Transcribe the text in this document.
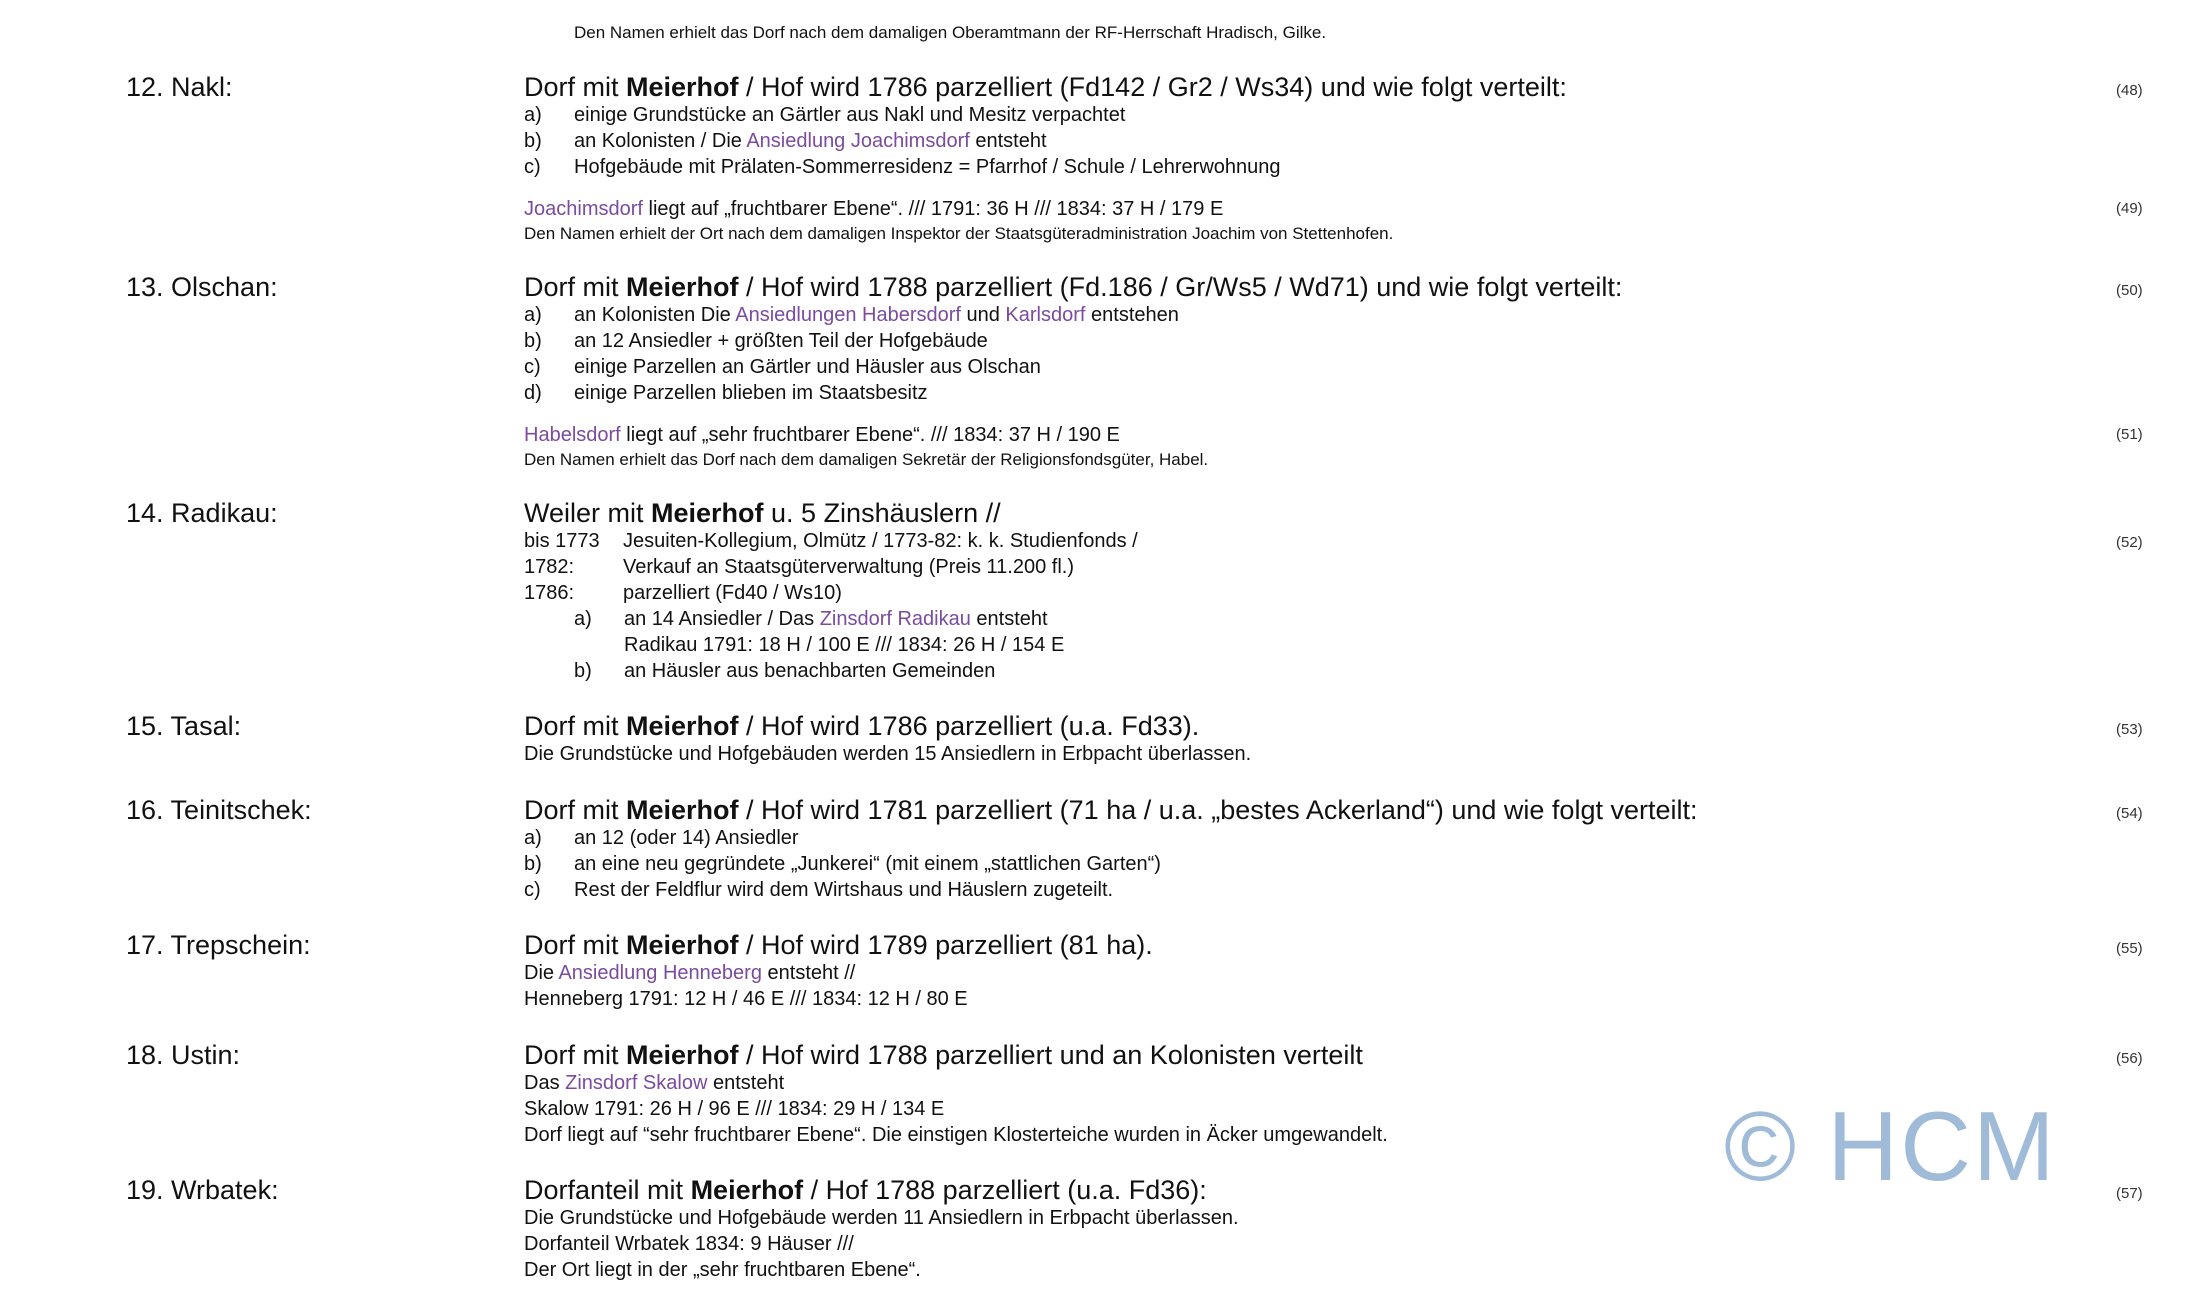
Den Namen erhielt das Dorf nach dem damaligen Oberamtmann der RF-Herrschaft Hradisch, Gilke.
12. Nakl:	(48)
Dorf mit Meierhof / Hof wird 1786 parzelliert (Fd142 / Gr2 / Ws34) und wie folgt verteilt:
a) einige Grundstücke an Gärtler aus Nakl und Mesitz verpachtet
b) an Kolonisten / Die Ansiedlung Joachimsdorf entsteht
c) Hofgebäude mit Prälaten-Sommerresidenz = Pfarrhof / Schule / Lehrerwohnung
Joachimsdorf liegt auf „fruchtbarer Ebene“. /// 1791: 36 H /// 1834: 37 H / 179 E
Den Namen erhielt der Ort nach dem damaligen Inspektor der Staatsgüteradministration Joachim von Stettenhofen.
(49)
13. Olschan:	(50)
Dorf mit Meierhof / Hof wird 1788 parzelliert (Fd.186 / Gr/Ws5 / Wd71) und wie folgt verteilt:
a) an Kolonisten Die Ansiedlungen Habersdorf und Karlsdorf entstehen
b) an 12 Ansiedler + größten Teil der Hofgebäude
c) einige Parzellen an Gärtler und Häusler aus Olschan
d) einige Parzellen blieben im Staatsbesitz
Habelsdorf liegt auf „sehr fruchtbarer Ebene“. /// 1834: 37 H / 190 E
Den Namen erhielt das Dorf nach dem damaligen Sekretär der Religionsfondsgüter, Habel.
(51)
14. Radikau:	Weiler mit Meierhof u. 5 Zinshäuslern //
bis 1773 Jesuiten-Kollegium, Olmütz / 1773-82: k. k. Studienfonds /
1782: Verkauf an Staatsgüterverwaltung (Preis 11.200 fl.)
1786: parzelliert (Fd40 / Ws10)
a) an 14 Ansiedler / Das Zinsdorf Radikau entsteht
Radikau 1791: 18 H / 100 E /// 1834: 26 H / 154 E
b) an Häusler aus benachbarten Gemeinden
(52)
15. Tasal:	(53)
Dorf mit Meierhof / Hof wird 1786 parzelliert (u.a. Fd33).
Die Grundstücke und Hofgebäuden werden 15 Ansiedlern in Erbpacht überlassen.
16. Teinitschek:	(54)
Dorf mit Meierhof / Hof wird 1781 parzelliert (71 ha / u.a. „bestes Ackerland“) und wie folgt verteilt:
a) an 12 (oder 14) Ansiedler
b) an eine neu gegründete „Junkerei“ (mit einem „stattlichen Garten“)
c) Rest der Feldflur wird dem Wirtshaus und Häuslern zugeteilt.
17. Trepschein:	(55)
Dorf mit Meierhof / Hof wird 1789 parzelliert (81 ha).
Die Ansiedlung Henneberg entsteht //
Henneberg 1791: 12 H / 46 E /// 1834: 12 H / 80 E
18. Ustin:	(56)
Dorf mit Meierhof / Hof wird 1788 parzelliert und an Kolonisten verteilt
Das Zinsdorf Skalow entsteht
Skalow 1791: 26 H / 96 E /// 1834: 29 H / 134 E
Dorf liegt auf “sehr fruchtbarer Ebene“. Die einstigen Klosterteiche wurden in Äcker umgewandelt.
19. Wrbatek:	(57)
Dorfanteil mit Meierhof / Hof 1788 parzelliert (u.a. Fd36):
Die Grundstücke und Hofgebäude werden 11 Ansiedlern in Erbpacht überlassen.
Dorfanteil Wrbatek 1834: 9 Häuser ///
Der Ort liegt in der „sehr fruchtbaren Ebene“.
© HCM
